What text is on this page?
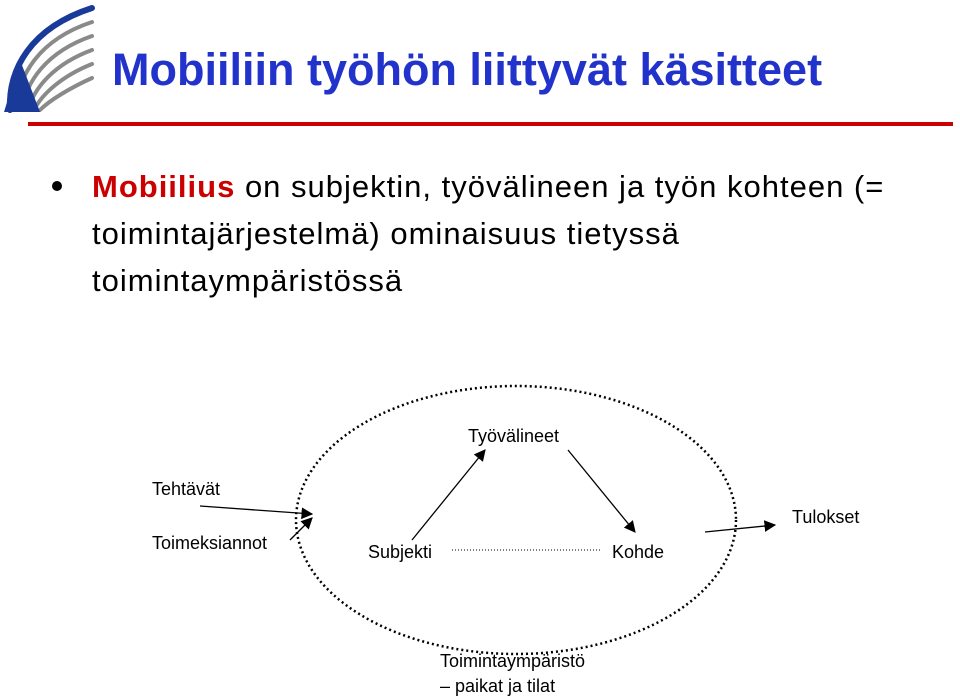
Mobiiliin työhön liittyvät käsitteet

Mobiilius on subjektin, työvälineen ja työn kohteen (= toimintajärjestelmä) ominaisuus tietyssä toimintaympäristössä

Tehtävät
Toimeksiannot
Työvälineet
Subjekti	Kohde
Tulokset
Toimintaympäristö
– paikat ja tilat
